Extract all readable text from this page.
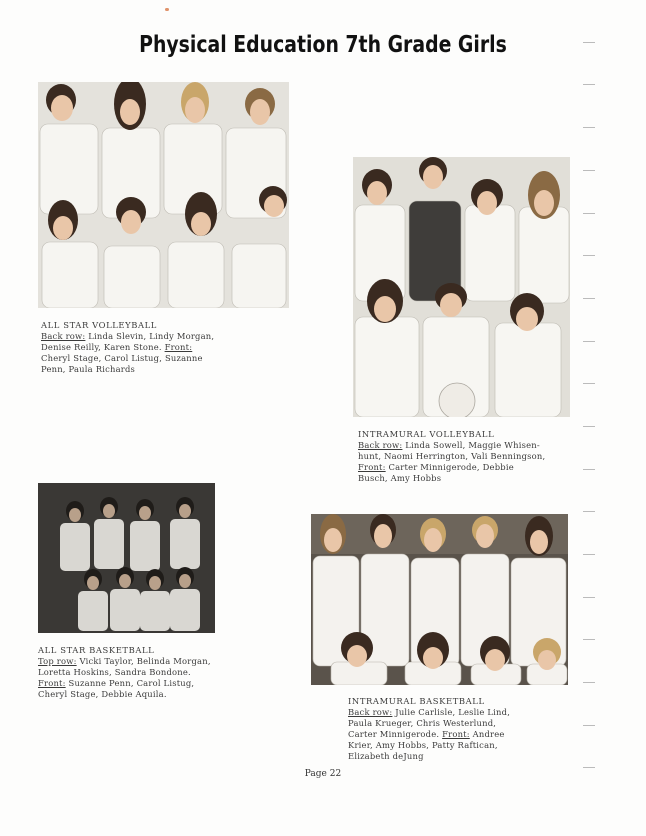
Physical Education 7th Grade Girls
ALL STAR VOLLEYBALL
Back row: Linda Slevin, Lindy Morgan,
Denise Reilly, Karen Stone. Front:
Cheryl Stage, Carol Listug, Suzanne
Penn, Paula Richards
INTRAMURAL VOLLEYBALL
Back row: Linda Sowell, Maggie Whisen-
hunt, Naomi Herrington, Vali Benningson,
Front: Carter Minnigerode, Debbie
Busch, Amy Hobbs
ALL STAR BASKETBALL
Top row: Vicki Taylor, Belinda Morgan,
Loretta Hoskins, Sandra Bondone.
Front: Suzanne Penn, Carol Listug,
Cheryl Stage, Debbie Aquila.
INTRAMURAL BASKETBALL
Back row: Julie Carlisle, Leslie Lind,
Paula Krueger, Chris Westerlund,
Carter Minnigerode. Front: Andree
Krier, Amy Hobbs, Patty Raftican,
Elizabeth deJung
Page 22
